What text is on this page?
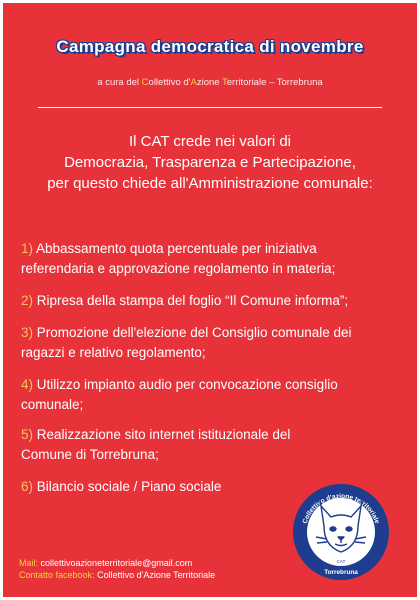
Campagna democratica di novembre
a cura del Collettivo d'Azione Territoriale – Torrebruna
Il CAT crede nei valori di
Democrazia, Trasparenza e Partecipazione,
per questo chiede all'Amministrazione comunale:
1) Abbassamento quota percentuale per iniziativa
referendaria e approvazione regolamento in materia;
2) Ripresa della stampa del foglio “Il Comune informa”;
3) Promozione dell'elezione del Consiglio comunale dei
ragazzi e relativo regolamento;
4) Utilizzo impianto audio per convocazione consiglio
comunale;
5) Realizzazione sito internet istituzionale del
Comune di Torrebruna;
6) Bilancio sociale / Piano sociale
Mail: collettivoazioneterritoriale@gmail.com
Contatto facebook: Collettivo d'Azione Territoriale
Collettivo d'azione territoriale
CAT
Torrebruna
